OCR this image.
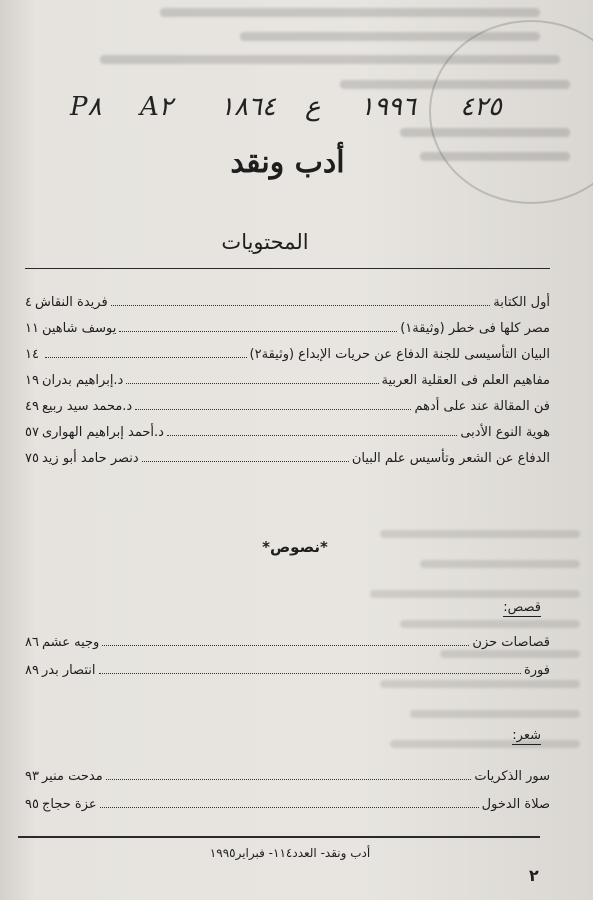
P٨ A٢ ١٨٦٤ ع ١٩٩٦ ٤٢٥
أدب ونقد
المحتويات
أول الكتابة
فريدة النقاش
٤
مصر كلها فى خطر (وثيقة١)
يوسف شاهين
١١
البيان التأسيسى للجنة الدفاع عن حريات الإبداع (وثيقة٢)
١٤
مفاهيم العلم فى العقلية العربية
د.إبراهيم بدران
١٩
فن المقالة عند على أدهم
د.محمد سيد ربيع
٤٩
هوية النوع الأدبى
د.أحمد إبراهيم الهوارى
٥٧
الدفاع عن الشعر وتأسيس علم البيان
دنصر حامد أبو زيد
٧٥
*نصوص*
قصص:
قصاصات حزن
وجيه عشم
٨٦
فورة
انتصار بدر
٨٩
شعر:
سور الذكريات
مدحت منير
٩٣
صلاة الدخول
عزة حجاج
٩٥
أدب ونقد- العدد١١٤- فبراير١٩٩٥
٢
